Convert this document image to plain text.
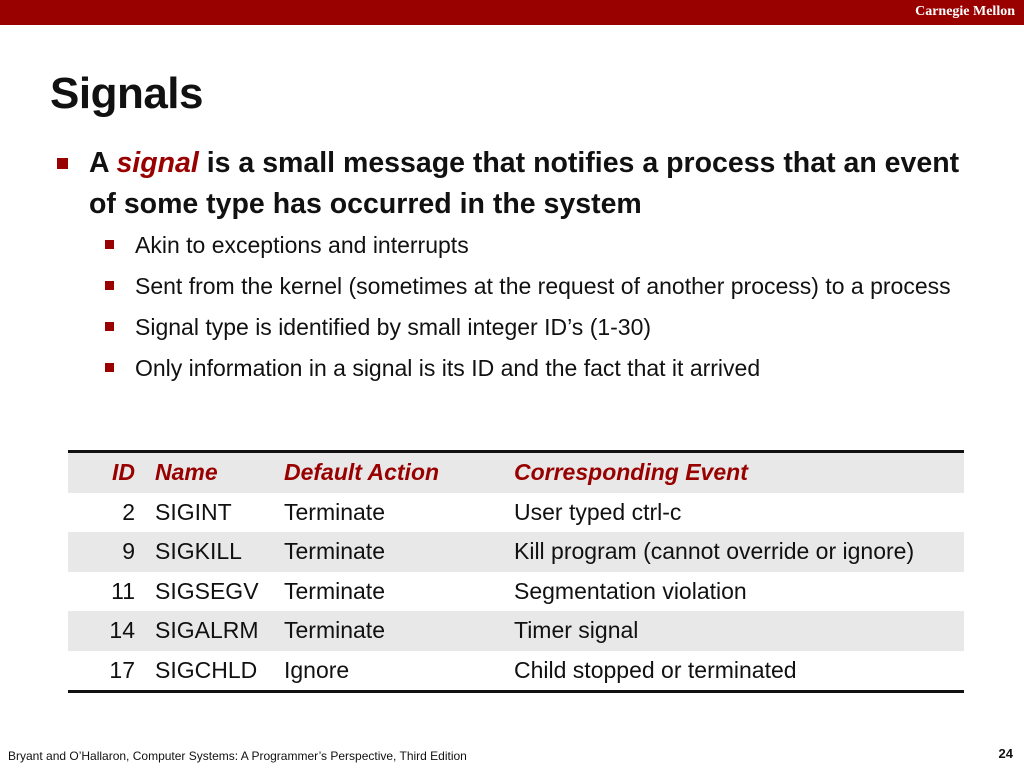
Carnegie Mellon
Signals
A signal is a small message that notifies a process that an event of some type has occurred in the system
Akin to exceptions and interrupts
Sent from the kernel (sometimes at the request of another process) to a process
Signal type is identified by small integer ID’s (1-30)
Only information in a signal is its ID and the fact that it arrived
ID	Name	Default Action	Corresponding Event
2	SIGINT	Terminate	User typed ctrl-c
9	SIGKILL	Terminate	Kill program (cannot override or ignore)
11	SIGSEGV	Terminate	Segmentation violation
14	SIGALRM	Terminate	Timer signal
17	SIGCHLD	Ignore	Child stopped or terminated
Bryant and O’Hallaron, Computer Systems: A Programmer’s Perspective, Third Edition	24
